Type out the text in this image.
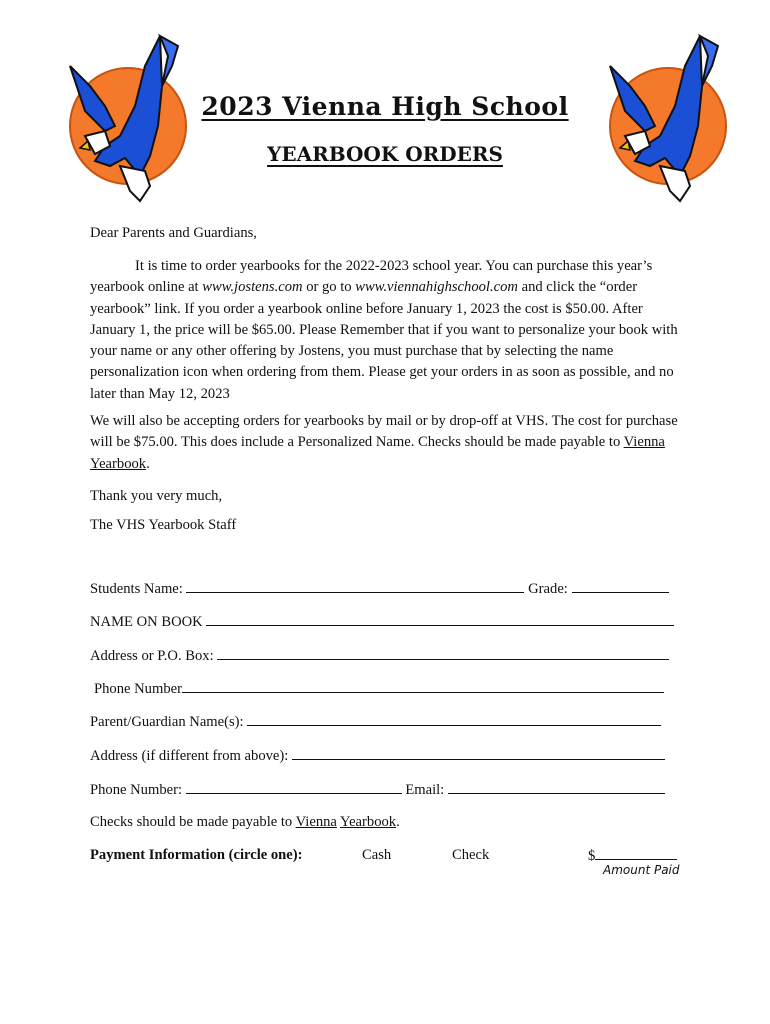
2023 Vienna High School
YEARBOOK ORDERS
Dear Parents and Guardians,

It is time to order yearbooks for the 2022-2023 school year. You can purchase this year’s yearbook online at www.jostens.com or go to www.viennahighschool.com and click the “order yearbook” link. If you order a yearbook online before January 1, 2023 the cost is $50.00. After January 1, the price will be $65.00. Please Remember that if you want to personalize your book with your name or any other offering by Jostens, you must purchase that by selecting the name personalization icon when ordering from them. Please get your orders in as soon as possible, and no later than May 12, 2023

We will also be accepting orders for yearbooks by mail or by drop-off at VHS. The cost for purchase will be $75.00. This does include a Personalized Name. Checks should be made payable to Vienna Yearbook.

Thank you very much,
The VHS Yearbook Staff
Students Name:	Grade:
NAME ON BOOK
Address or P.O. Box:
Phone Number
Parent/Guardian Name(s):
Address (if different from above):
Phone Number:	Email:
Checks should be made payable to Vienna Yearbook.
Payment Information (circle one):	Cash	Check	$
Amount Paid
